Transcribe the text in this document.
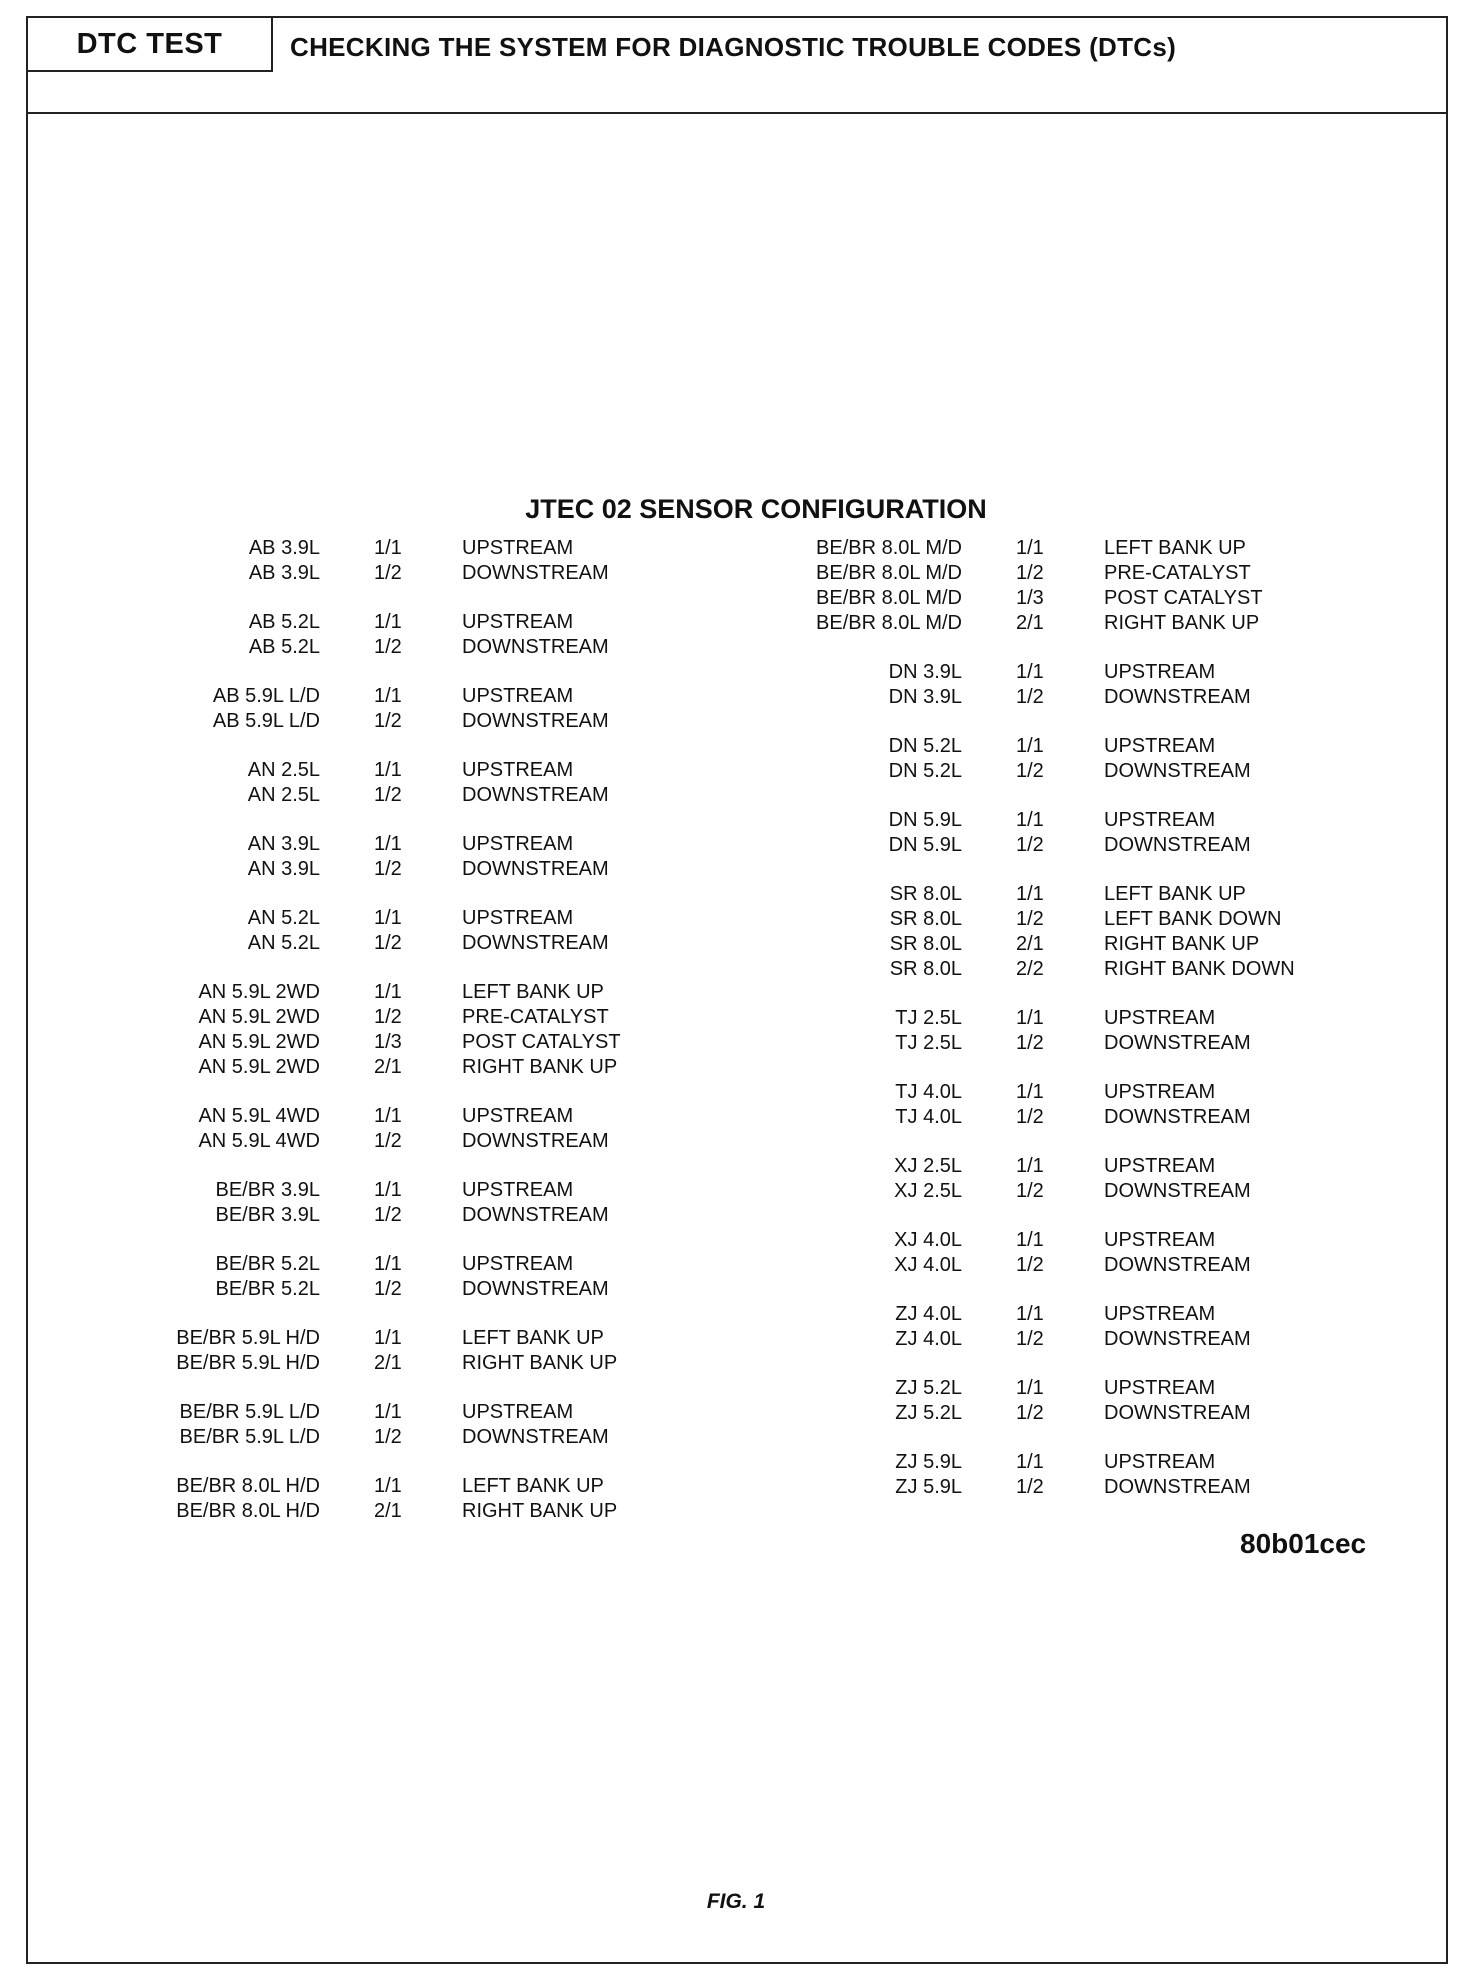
DTC TEST	CHECKING THE SYSTEM FOR DIAGNOSTIC TROUBLE CODES (DTCs)
JTEC 02 SENSOR CONFIGURATION
AB 3.9L	1/1	UPSTREAM
AB 3.9L	1/2	DOWNSTREAM
AB 5.2L	1/1	UPSTREAM
AB 5.2L	1/2	DOWNSTREAM
AB 5.9L L/D	1/1	UPSTREAM
AB 5.9L L/D	1/2	DOWNSTREAM
AN 2.5L	1/1	UPSTREAM
AN 2.5L	1/2	DOWNSTREAM
AN 3.9L	1/1	UPSTREAM
AN 3.9L	1/2	DOWNSTREAM
AN 5.2L	1/1	UPSTREAM
AN 5.2L	1/2	DOWNSTREAM
AN 5.9L 2WD	1/1	LEFT BANK UP
AN 5.9L 2WD	1/2	PRE-CATALYST
AN 5.9L 2WD	1/3	POST CATALYST
AN 5.9L 2WD	2/1	RIGHT BANK UP
AN 5.9L 4WD	1/1	UPSTREAM
AN 5.9L 4WD	1/2	DOWNSTREAM
BE/BR 3.9L	1/1	UPSTREAM
BE/BR 3.9L	1/2	DOWNSTREAM
BE/BR 5.2L	1/1	UPSTREAM
BE/BR 5.2L	1/2	DOWNSTREAM
BE/BR 5.9L H/D	1/1	LEFT BANK UP
BE/BR 5.9L H/D	2/1	RIGHT BANK UP
BE/BR 5.9L L/D	1/1	UPSTREAM
BE/BR 5.9L L/D	1/2	DOWNSTREAM
BE/BR 8.0L H/D	1/1	LEFT BANK UP
BE/BR 8.0L H/D	2/1	RIGHT BANK UP
BE/BR 8.0L M/D	1/1	LEFT BANK UP
BE/BR 8.0L M/D	1/2	PRE-CATALYST
BE/BR 8.0L M/D	1/3	POST CATALYST
BE/BR 8.0L M/D	2/1	RIGHT BANK UP
DN 3.9L	1/1	UPSTREAM
DN 3.9L	1/2	DOWNSTREAM
DN 5.2L	1/1	UPSTREAM
DN 5.2L	1/2	DOWNSTREAM
DN 5.9L	1/1	UPSTREAM
DN 5.9L	1/2	DOWNSTREAM
SR 8.0L	1/1	LEFT BANK UP
SR 8.0L	1/2	LEFT BANK DOWN
SR 8.0L	2/1	RIGHT BANK UP
SR 8.0L	2/2	RIGHT BANK DOWN
TJ 2.5L	1/1	UPSTREAM
TJ 2.5L	1/2	DOWNSTREAM
TJ 4.0L	1/1	UPSTREAM
TJ 4.0L	1/2	DOWNSTREAM
XJ 2.5L	1/1	UPSTREAM
XJ 2.5L	1/2	DOWNSTREAM
XJ 4.0L	1/1	UPSTREAM
XJ 4.0L	1/2	DOWNSTREAM
ZJ 4.0L	1/1	UPSTREAM
ZJ 4.0L	1/2	DOWNSTREAM
ZJ 5.2L	1/1	UPSTREAM
ZJ 5.2L	1/2	DOWNSTREAM
ZJ 5.9L	1/1	UPSTREAM
ZJ 5.9L	1/2	DOWNSTREAM
80b01cec
FIG. 1
